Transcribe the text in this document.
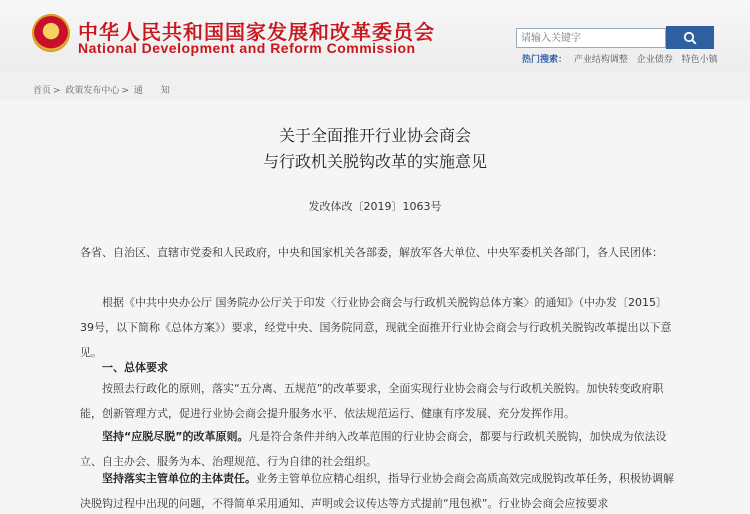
中华人民共和国国家发展和改革委员会
National Development and Reform Commission
请输入关键字
热门搜索： 产业结构调整 企业债券 特色小镇
首页 > 政策发布中心 > 通　　知
关于全面推开行业协会商会
与行政机关脱钩改革的实施意见
发改体改〔2019〕1063号
各省、自治区、直辖市党委和人民政府，中央和国家机关各部委，解放军各大单位、中央军委机关各部门，各人民团体：
根据《中共中央办公厅 国务院办公厅关于印发〈行业协会商会与行政机关脱钩总体方案〉的通知》（中办发〔2015〕39号，以下简称《总体方案》）要求，经党中央、国务院同意，现就全面推开行业协会商会与行政机关脱钩改革提出以下意见。
一、总体要求
按照去行政化的原则，落实“五分离、五规范”的改革要求，全面实现行业协会商会与行政机关脱钩。加快转变政府职能，创新管理方式，促进行业协会商会提升服务水平、依法规范运行、健康有序发展、充分发挥作用。
坚持“应脱尽脱”的改革原则。凡是符合条件并纳入改革范围的行业协会商会，都要与行政机关脱钩，加快成为依法设立、自主办会、服务为本、治理规范、行为自律的社会组织。
坚持落实主管单位的主体责任。业务主管单位应精心组织，指导行业协会商会高质高效完成脱钩改革任务，积极协调解决脱钩过程中出现的问题，不得简单采用通知、声明或会议传达等方式提前“甩包袱”。行业协会商会应按要求
